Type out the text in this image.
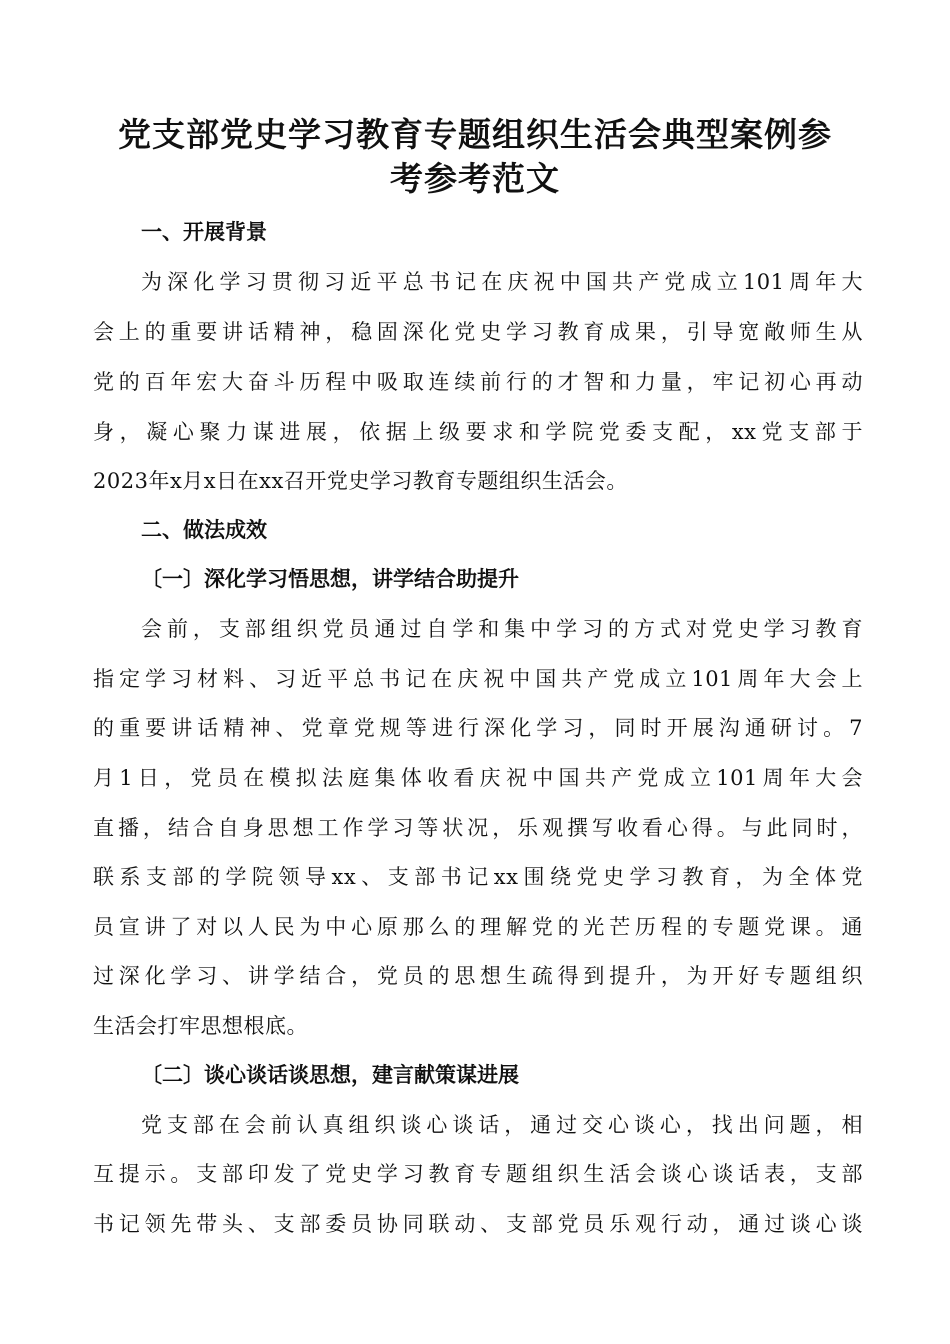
党支部党史学习教育专题组织生活会典型案例参
考参考范文
一、开展背景
为深化学习贯彻习近平总书记在庆祝中国共产党成立101周年大
会上的重要讲话精神，稳固深化党史学习教育成果，引导宽敞师生从
党的百年宏大奋斗历程中吸取连续前行的才智和力量，牢记初心再动
身，凝心聚力谋进展，依据上级要求和学院党委支配，xx党支部于
2023年x月x日在xx召开党史学习教育专题组织生活会。
二、做法成效
〔一〕深化学习悟思想，讲学结合助提升
会前，支部组织党员通过自学和集中学习的方式对党史学习教育
指定学习材料、习近平总书记在庆祝中国共产党成立101周年大会上
的重要讲话精神、党章党规等进行深化学习，同时开展沟通研讨。7
月1日，党员在模拟法庭集体收看庆祝中国共产党成立101周年大会
直播，结合自身思想工作学习等状况，乐观撰写收看心得。与此同时，
联系支部的学院领导xx、支部书记xx围绕党史学习教育，为全体党
员宣讲了对以人民为中心原那么的理解党的光芒历程的专题党课。通
过深化学习、讲学结合，党员的思想生疏得到提升，为开好专题组织
生活会打牢思想根底。
〔二〕谈心谈话谈思想，建言献策谋进展
党支部在会前认真组织谈心谈话，通过交心谈心，找出问题，相
互提示。支部印发了党史学习教育专题组织生活会谈心谈话表，支部
书记领先带头、支部委员协同联动、支部党员乐观行动，通过谈心谈
